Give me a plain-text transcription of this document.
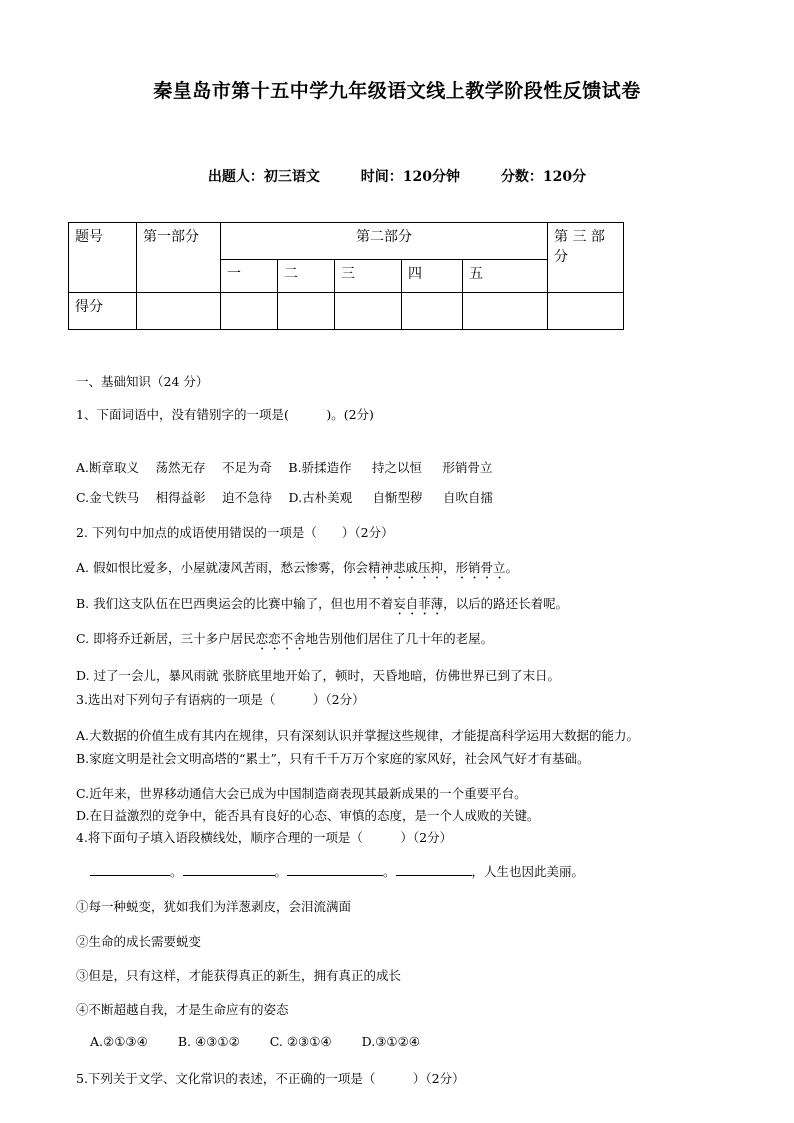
秦皇岛市第十五中学九年级语文线上教学阶段性反馈试卷
出题人：初三语文	时间：120分钟	分数：120分
题号	第一部分	第二部分					第 三 部 分
		一	二	三	四	五	
得分							
一、基础知识（24 分）
1、下面词语中，没有错别字的一项是(　　　)。(2分)
A.断章取义　 荡然无存　 不足为奇　 B.骄揉造作　  持之以恒　  形销骨立
C.金弋铁马　 相得益彰　 迫不急待　 D.古朴美观　  自惭型秽　  自吹自擂
2. 下列句中加点的成语使用错误的一项是（　　）（2分）
A. 假如恨比爱多，小屋就凄风苦雨，愁云惨雾，你会精神悲戚压抑，形销骨立。
B. 我们这支队伍在巴西奥运会的比赛中输了，但也用不着妄自菲薄，以后的路还长着呢。
C. 即将乔迁新居，三十多户居民恋恋不舍地告别他们居住了几十年的老屋。
D. 过了一会儿，暴风雨就 张脐底里地开始了，顿时，天昏地暗，仿佛世界已到了末日。
3.选出对下列句子有语病的一项是（　　　）（2分）
A.大数据的价值生成有其内在规律，只有深刻认识并掌握这些规律，才能提高科学运用大数据的能力。
B.家庭文明是社会文明高塔的“累土”，只有千千万万个家庭的家风好，社会风气好才有基础。
C.近年来，世界移动通信大会已成为中国制造商表现其最新成果的一个重要平台。
D.在日益激烈的竞争中，能否具有良好的心态、审慎的态度，是一个人成败的关键。
4.将下面句子填入语段横线处，顺序合理的一项是（　　　）（2分）
。	。	。	，人生也因此美丽。
①每一种蜕变，犹如我们为洋葱剥皮，会泪流满面
②生命的成长需要蜕变
③但是，只有这样，才能获得真正的新生，拥有真正的成长
④不断超越自我，才是生命应有的姿态
A.②①③④ B. ④③①② C. ②③①④ D.③①②④
5.下列关于文学、文化常识的表述，不正确的一项是（　　　）（2分）
